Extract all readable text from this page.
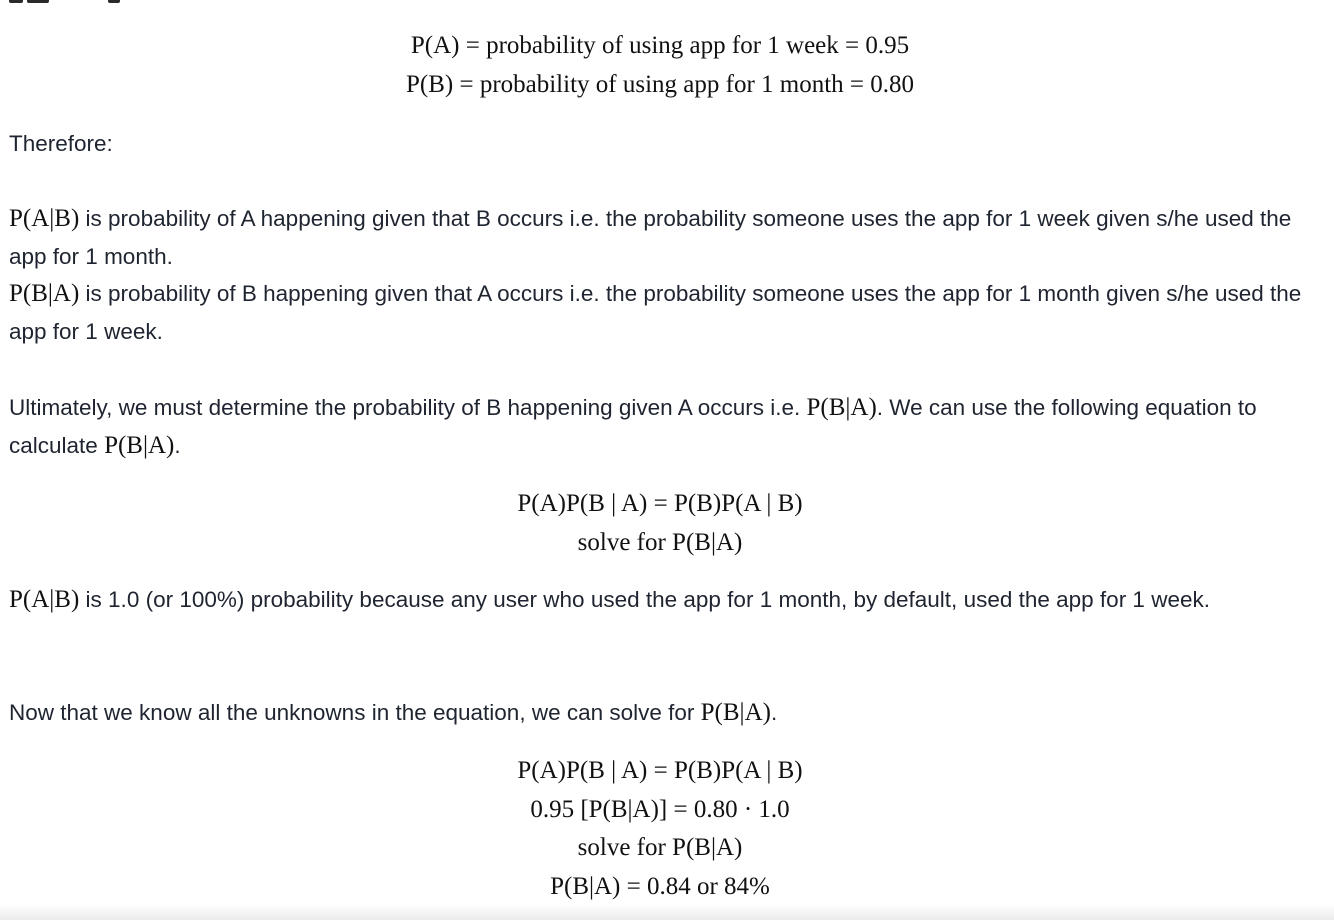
P(A) = probability of using app for 1 week = 0.95
P(B) = probability of using app for 1 month = 0.80

Therefore:

P(A|B) is probability of A happening given that B occurs i.e. the probability someone uses the app for 1 week given s/he used the app for 1 month.

P(B|A) is probability of B happening given that A occurs i.e. the probability someone uses the app for 1 month given s/he used the app for 1 week.

Ultimately, we must determine the probability of B happening given A occurs i.e. P(B|A). We can use the following equation to calculate P(B|A).

P(A)P(B | A) = P(B)P(A | B)
solve for P(B|A)

P(A|B) is 1.0 (or 100%) probability because any user who used the app for 1 month, by default, used the app for 1 week.

Now that we know all the unknowns in the equation, we can solve for P(B|A).

P(A)P(B | A) = P(B)P(A | B)
0.95 [P(B|A)] = 0.80 · 1.0
solve for P(B|A)
P(B|A) = 0.84 or 84%
